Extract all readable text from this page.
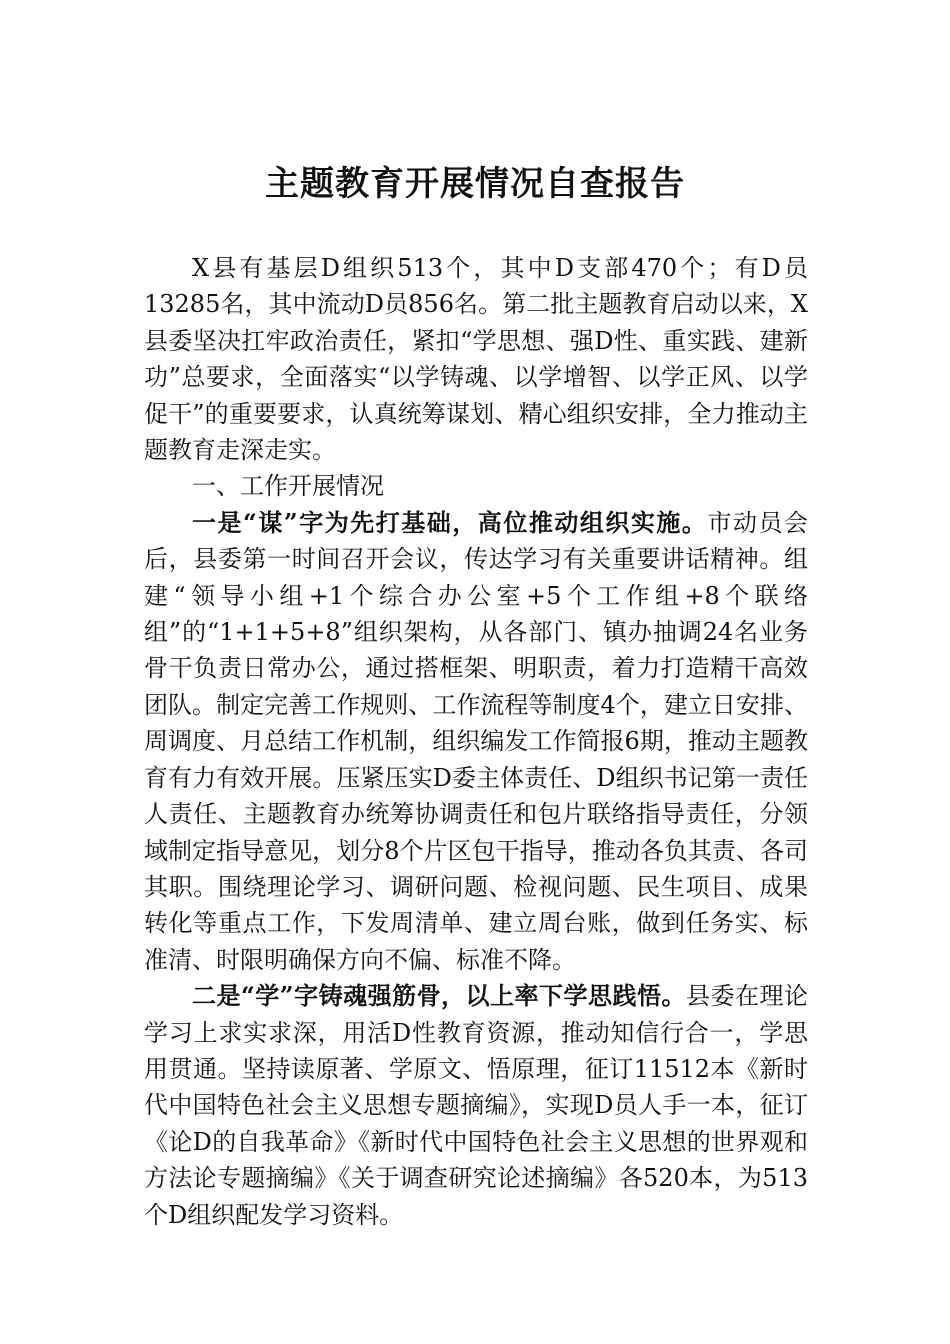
主题教育开展情况自查报告

X县有基层D组织513个，其中D支部470个；有D员13285名，其中流动D员856名。第二批主题教育启动以来，X县委坚决扛牢政治责任，紧扣“学思想、强D性、重实践、建新功”总要求，全面落实“以学铸魂、以学增智、以学正风、以学促干”的重要要求，认真统筹谋划、精心组织安排，全力推动主题教育走深走实。

一、工作开展情况

一是“谋”字为先打基础，高位推动组织实施。市动员会后，县委第一时间召开会议，传达学习有关重要讲话精神。组建“领导小组+1个综合办公室+5个工作组+8个联络组”的“1+1+5+8”组织架构，从各部门、镇办抽调24名业务骨干负责日常办公，通过搭框架、明职责，着力打造精干高效团队。制定完善工作规则、工作流程等制度4个，建立日安排、周调度、月总结工作机制，组织编发工作简报6期，推动主题教育有力有效开展。压紧压实D委主体责任、D组织书记第一责任人责任、主题教育办统筹协调责任和包片联络指导责任，分领域制定指导意见，划分8个片区包干指导，推动各负其责、各司其职。围绕理论学习、调研问题、检视问题、民生项目、成果转化等重点工作，下发周清单、建立周台账，做到任务实、标准清、时限明确保方向不偏、标准不降。

二是“学”字铸魂强筋骨，以上率下学思践悟。县委在理论学习上求实求深，用活D性教育资源，推动知信行合一，学思用贯通。坚持读原著、学原文、悟原理，征订11512本《新时代中国特色社会主义思想专题摘编》，实现D员人手一本，征订《论D的自我革命》《新时代中国特色社会主义思想的世界观和方法论专题摘编》《关于调查研究论述摘编》各520本，为513个D组织配发学习资料。
